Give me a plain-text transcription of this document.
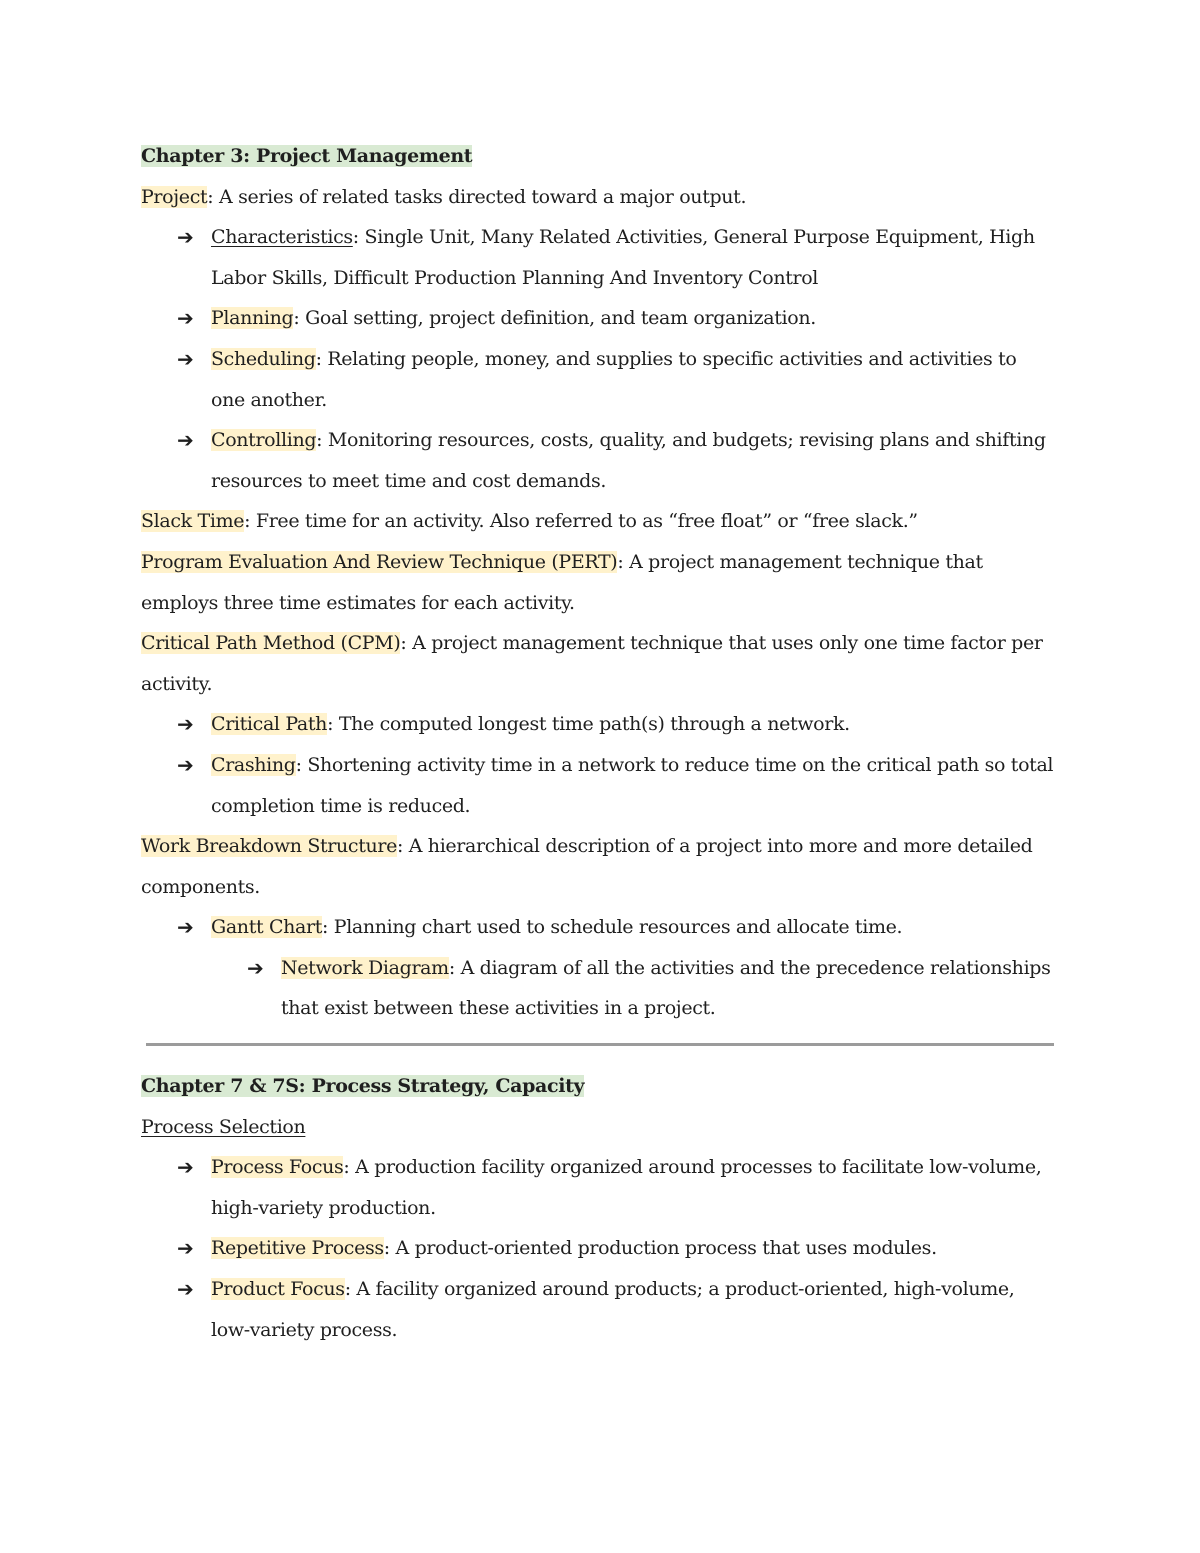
Chapter 3: Project Management
Project: A series of related tasks directed toward a major output.
➔ Characteristics: Single Unit, Many Related Activities, General Purpose Equipment, High
Labor Skills, Difficult Production Planning And Inventory Control
➔ Planning: Goal setting, project definition, and team organization.
➔ Scheduling: Relating people, money, and supplies to specific activities and activities to
one another.
➔ Controlling: Monitoring resources, costs, quality, and budgets; revising plans and shifting
resources to meet time and cost demands.
Slack Time: Free time for an activity. Also referred to as “free float” or “free slack.”
Program Evaluation And Review Technique (PERT): A project management technique that
employs three time estimates for each activity.
Critical Path Method (CPM): A project management technique that uses only one time factor per
activity.
➔ Critical Path: The computed longest time path(s) through a network.
➔ Crashing: Shortening activity time in a network to reduce time on the critical path so total
completion time is reduced.
Work Breakdown Structure: A hierarchical description of a project into more and more detailed
components.
➔ Gantt Chart: Planning chart used to schedule resources and allocate time.
➔ Network Diagram: A diagram of all the activities and the precedence relationships
that exist between these activities in a project.
Chapter 7 & 7S: Process Strategy, Capacity
Process Selection
➔ Process Focus: A production facility organized around processes to facilitate low-volume,
high-variety production.
➔ Repetitive Process: A product-oriented production process that uses modules.
➔ Product Focus: A facility organized around products; a product-oriented, high-volume,
low-variety process.
